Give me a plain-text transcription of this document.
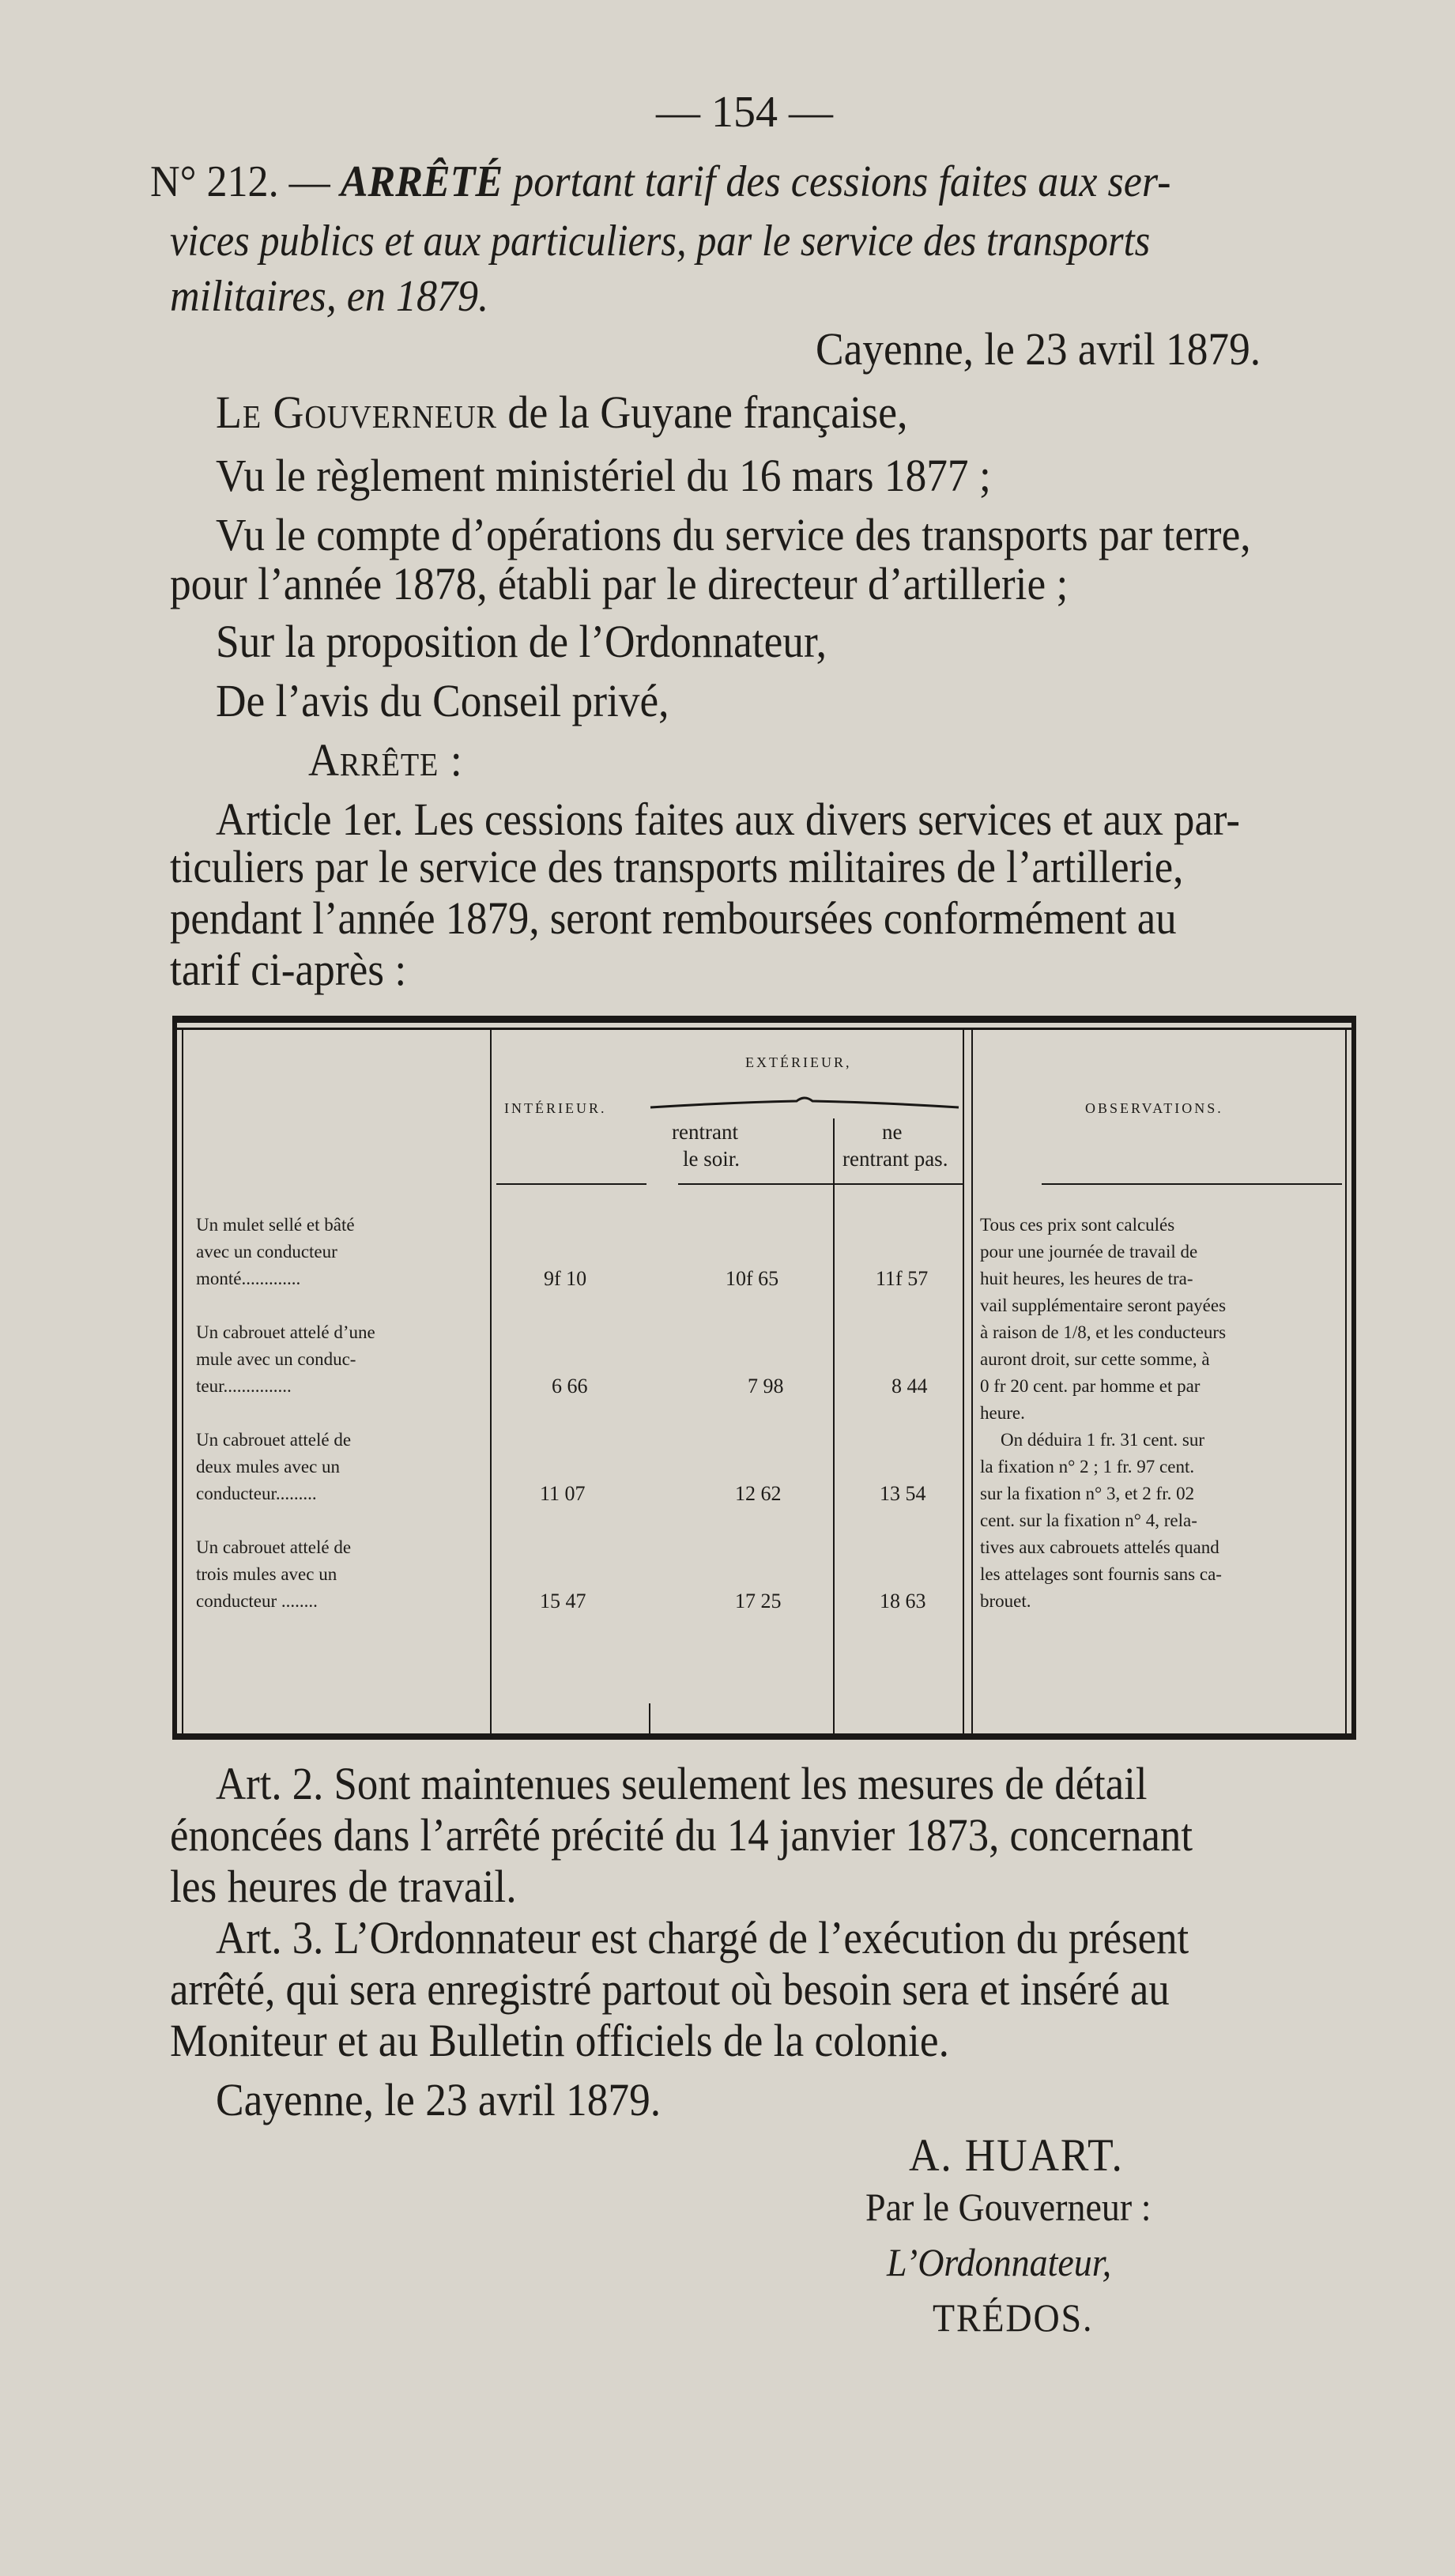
— 154 —
N° 212. — ARRÊTÉ portant tarif des cessions faites aux ser-
vices publics et aux particuliers, par le service des transports
militaires, en 1879.
Cayenne, le 23 avril 1879.
Le Gouverneur de la Guyane française,
Vu le règlement ministériel du 16 mars 1877 ;
Vu le compte d’opérations du service des transports par terre,
pour l’année 1878, établi par le directeur d’artillerie ;
Sur la proposition de l’Ordonnateur,
De l’avis du Conseil privé,
Arrête :
Article 1er. Les cessions faites aux divers services et aux par-
ticuliers par le service des transports militaires de l’artillerie,
pendant l’année 1879, seront remboursées conformément au
tarif ci-après :
EXTÉRIEUR,
INTÉRIEUR.	OBSERVATIONS.
rentrant
le soir.
ne
rentrant pas.
Un mulet sellé et bâté
avec un conducteur
monté.............	9f 10	10f 65	11f 57
Un cabrouet attelé d’une
mule avec un conduc-
teur...............	6 66	7 98	8 44
Un cabrouet attelé de
deux mules avec un
conducteur.........	11 07	12 62	13 54
Un cabrouet attelé de
trois mules avec un
conducteur ........	15 47	17 25	18 63
Tous ces prix sont calculés
pour une journée de travail de
huit heures, les heures de tra-
vail supplémentaire seront payées
à raison de 1/8, et les conducteurs
auront droit, sur cette somme, à
0 fr 20 cent. par homme et par
heure.
On déduira 1 fr. 31 cent. sur
la fixation n° 2 ; 1 fr. 97 cent.
sur la fixation n° 3, et 2 fr. 02
cent. sur la fixation n° 4, rela-
tives aux cabrouets attelés quand
les attelages sont fournis sans ca-
brouet.
Art. 2. Sont maintenues seulement les mesures de détail
énoncées dans l’arrêté précité du 14 janvier 1873, concernant
les heures de travail.
Art. 3. L’Ordonnateur est chargé de l’exécution du présent
arrêté, qui sera enregistré partout où besoin sera et inséré au
Moniteur et au Bulletin officiels de la colonie.
Cayenne, le 23 avril 1879.
A. HUART.
Par le Gouverneur :
L’Ordonnateur,
TRÉDOS.
